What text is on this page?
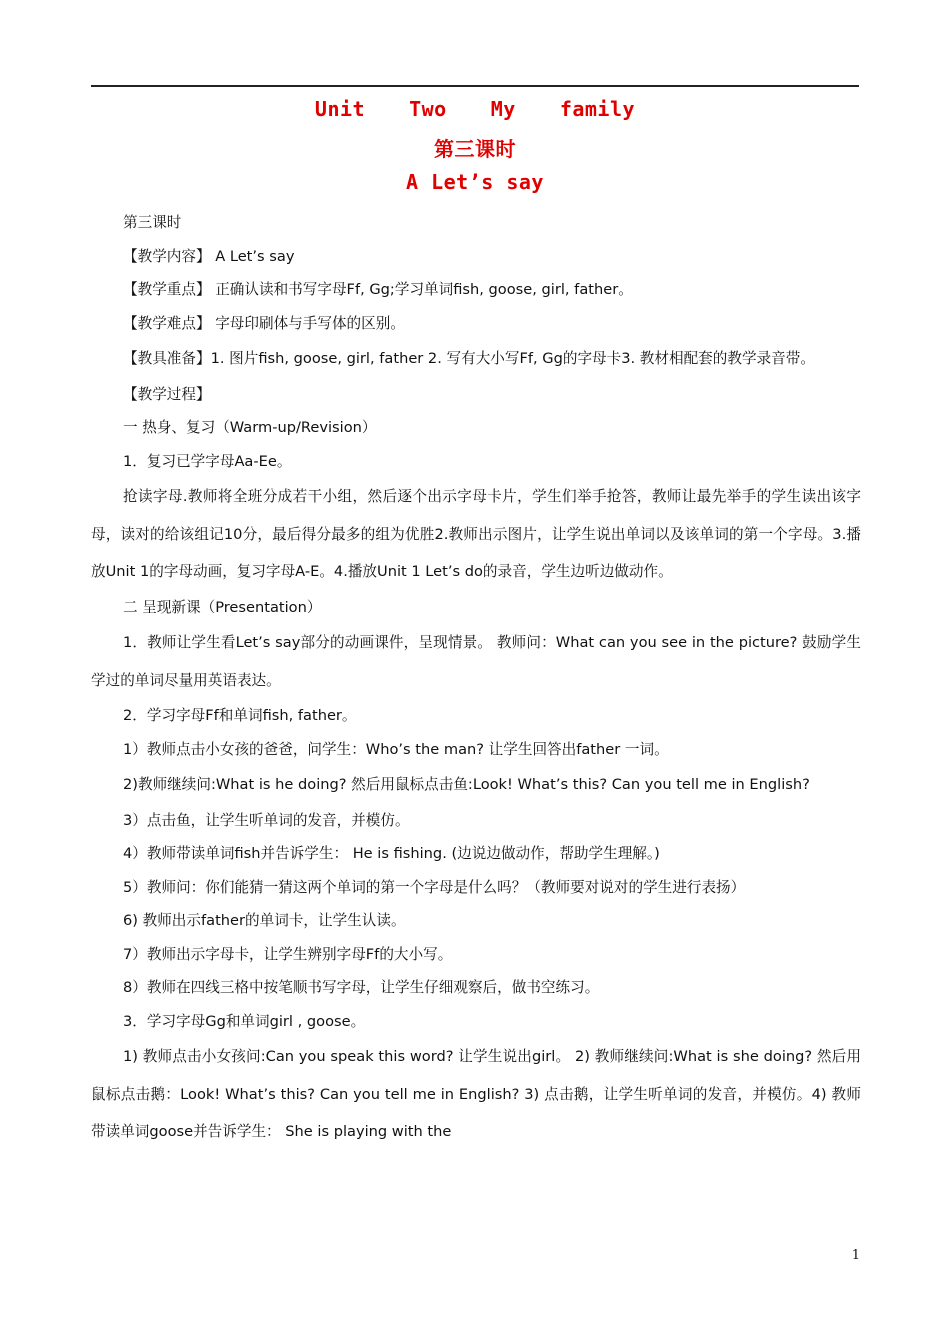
Unit Two My family
第三课时
A Let’s say

第三课时

【教学内容】 A Let’s say

【教学重点】 正确认读和书写字母Ff, Gg;学习单词fish, goose, girl, father。

【教学难点】 字母印刷体与手写体的区别。

【教具准备】1. 图片fish, goose, girl, father 2. 写有大小写Ff, Gg的字母卡3. 教材相配套的教学录音带。

【教学过程】

一 热身、复习（Warm-up/Revision）

1．复习已学字母Aa-Ee。

抢读字母.教师将全班分成若干小组，然后逐个出示字母卡片，学生们举手抢答，教师让最先举手的学生读出该字母，读对的给该组记10分，最后得分最多的组为优胜2.教师出示图片，让学生说出单词以及该单词的第一个字母。3.播放Unit 1的字母动画，复习字母A-E。4.播放Unit 1 Let’s do的录音，学生边听边做动作。

二 呈现新课（Presentation）

1．教师让学生看Let’s say部分的动画课件，呈现情景。 教师问：What can you see in the picture? 鼓励学生学过的单词尽量用英语表达。

2．学习字母Ff和单词fish, father。

1）教师点击小女孩的爸爸，问学生：Who’s the man? 让学生回答出father 一词。

2)教师继续问:What is he doing? 然后用鼠标点击鱼:Look! What’s this? Can you tell me in English?

3）点击鱼，让学生听单词的发音，并模仿。

4）教师带读单词fish并告诉学生： He is fishing. (边说边做动作，帮助学生理解。)

5）教师问：你们能猜一猜这两个单词的第一个字母是什么吗？（教师要对说对的学生进行表扬）

6) 教师出示father的单词卡，让学生认读。

7）教师出示字母卡，让学生辨别字母Ff的大小写。

8）教师在四线三格中按笔顺书写字母，让学生仔细观察后，做书空练习。

3．学习字母Gg和单词girl , goose。

1) 教师点击小女孩问:Can you speak this word? 让学生说出girl。 2) 教师继续问:What is she doing? 然后用鼠标点击鹅：Look! What’s this? Can you tell me in English? 3) 点击鹅，让学生听单词的发音，并模仿。4) 教师带读单词goose并告诉学生： She is playing with the

1
